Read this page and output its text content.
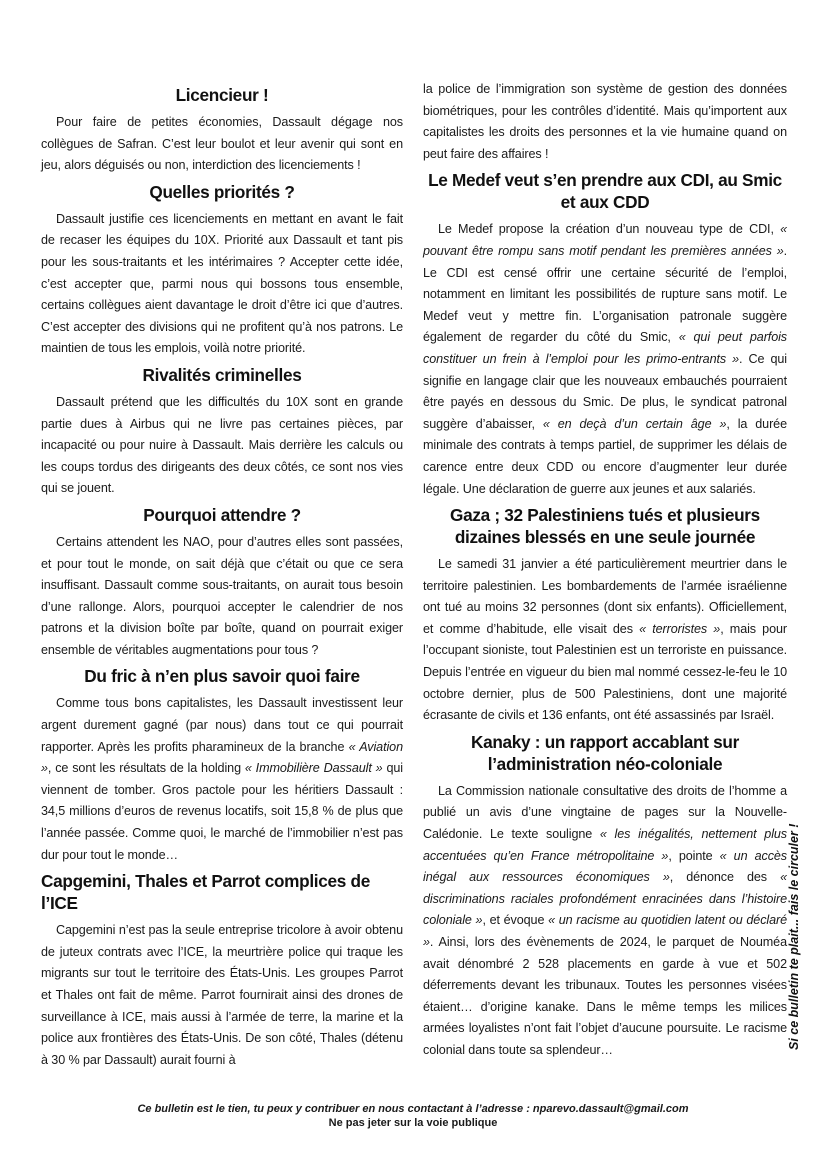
Licencieur !

Pour faire de petites économies, Dassault dégage nos collègues de Safran. C’est leur boulot et leur avenir qui sont en jeu, alors déguisés ou non, interdiction des licenciements !

Quelles priorités ?

Dassault justifie ces licenciements en mettant en avant le fait de recaser les équipes du 10X. Priorité aux Dassault et tant pis pour les sous-traitants et les intérimaires ? Accepter cette idée, c’est accepter que, parmi nous qui bossons tous ensemble, certains collègues aient davantage le droit d’être ici que d’autres. C’est accepter des divisions qui ne profitent qu’à nos patrons. Le maintien de tous les emplois, voilà notre priorité.

Rivalités criminelles

Dassault prétend que les difficultés du 10X sont en grande partie dues à Airbus qui ne livre pas certaines pièces, par incapacité ou pour nuire à Dassault. Mais derrière les calculs ou les coups tordus des dirigeants des deux côtés, ce sont nos vies qui se jouent.

Pourquoi attendre ?

Certains attendent les NAO, pour d’autres elles sont passées, et pour tout le monde, on sait déjà que c’était ou que ce sera insuffisant. Dassault comme sous-traitants, on aurait tous besoin d’une rallonge. Alors, pourquoi accepter le calendrier de nos patrons et la division boîte par boîte, quand on pourrait exiger ensemble de véritables augmentations pour tous ?

Du fric à n’en plus savoir quoi faire

Comme tous bons capitalistes, les Dassault investissent leur argent durement gagné (par nous) dans tout ce qui pourrait rapporter. Après les profits pharamineux de la branche « Aviation », ce sont les résultats de la holding « Immobilière Dassault » qui viennent de tomber. Gros pactole pour les héritiers Dassault : 34,5 millions d’euros de revenus locatifs, soit 15,8 % de plus que l’année passée. Comme quoi, le marché de l’immobilier n’est pas dur pour tout le monde…

Capgemini, Thales et Parrot complices de l’ICE

Capgemini n’est pas la seule entreprise tricolore à avoir obtenu de juteux contrats avec l’ICE, la meurtrière police qui traque les migrants sur tout le territoire des États-Unis. Les groupes Parrot et Thales ont fait de même. Parrot fournirait ainsi des drones de surveillance à ICE, mais aussi à l’armée de terre, la marine et la police aux frontières des États-Unis. De son côté, Thales (détenu à 30 % par Dassault) aurait fourni à

la police de l’immigration son système de gestion des données biométriques, pour les contrôles d’identité. Mais qu’importent aux capitalistes les droits des personnes et la vie humaine quand on peut faire des affaires !

Le Medef veut s’en prendre aux CDI, au Smic
et aux CDD

Le Medef propose la création d’un nouveau type de CDI, « pouvant être rompu sans motif pendant les premières années ». Le CDI est censé offrir une certaine sécurité de l’emploi, notamment en limitant les possibilités de rupture sans motif. Le Medef veut y mettre fin. L’organisation patronale suggère également de regarder du côté du Smic, « qui peut parfois constituer un frein à l’emploi pour les primo-entrants ». Ce qui signifie en langage clair que les nouveaux embauchés pourraient être payés en dessous du Smic. De plus, le syndicat patronal suggère d’abaisser, « en deçà d’un certain âge », la durée minimale des contrats à temps partiel, de supprimer les délais de carence entre deux CDD ou encore d’augmenter leur durée légale. Une déclaration de guerre aux jeunes et aux salariés.

Gaza ; 32 Palestiniens tués et plusieurs
dizaines blessés en une seule journée

Le samedi 31 janvier a été particulièrement meurtrier dans le territoire palestinien. Les bombardements de l’armée israélienne ont tué au moins 32 personnes (dont six enfants). Officiellement, et comme d’habitude, elle visait des « terroristes », mais pour l’occupant sioniste, tout Palestinien est un terroriste en puissance. Depuis l’entrée en vigueur du bien mal nommé cessez-le-feu le 10 octobre dernier, plus de 500 Palestiniens, dont une majorité écrasante de civils et 136 enfants, ont été assassinés par Israël.

Kanaky : un rapport accablant sur
l’administration néo-coloniale

La Commission nationale consultative des droits de l’homme a publié un avis d’une vingtaine de pages sur la Nouvelle-Calédonie. Le texte souligne « les inégalités, nettement plus accentuées qu’en France métropolitaine », pointe « un accès inégal aux ressources économiques », dénonce des « discriminations raciales profondément enracinées dans l’histoire coloniale », et évoque « un racisme au quotidien latent ou déclaré ». Ainsi, lors des évènements de 2024, le parquet de Nouméa avait dénombré 2 528 placements en garde à vue et 502 déferrements devant les tribunaux. Toutes les personnes visées étaient… d’origine kanake. Dans le même temps les milices armées loyalistes n’ont fait l’objet d’aucune poursuite. Le racisme colonial dans toute sa splendeur…	Si ce bulletin te plait... fais le circuler !
Ce bulletin est le tien, tu peux y contribuer en nous contactant à l’adresse : nparevo.dassault@gmail.com
Ne pas jeter sur la voie publique
